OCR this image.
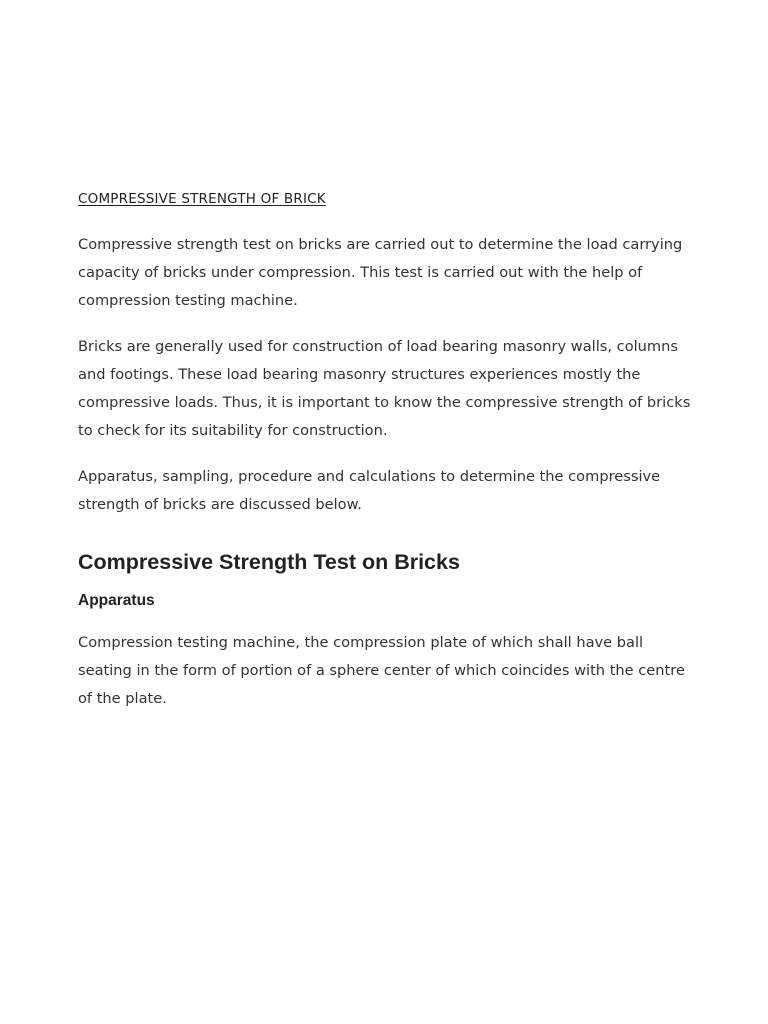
COMPRESSIVE STRENGTH OF BRICK

Compressive strength test on bricks are carried out to determine the load carrying capacity of bricks under compression. This test is carried out with the help of compression testing machine.

Bricks are generally used for construction of load bearing masonry walls, columns and footings. These load bearing masonry structures experiences mostly the compressive loads. Thus, it is important to know the compressive strength of bricks to check for its suitability for construction.

Apparatus, sampling, procedure and calculations to determine the compressive strength of bricks are discussed below.

Compressive Strength Test on Bricks
Apparatus

Compression testing machine, the compression plate of which shall have ball seating in the form of portion of a sphere center of which coincides with the centre of the plate.
